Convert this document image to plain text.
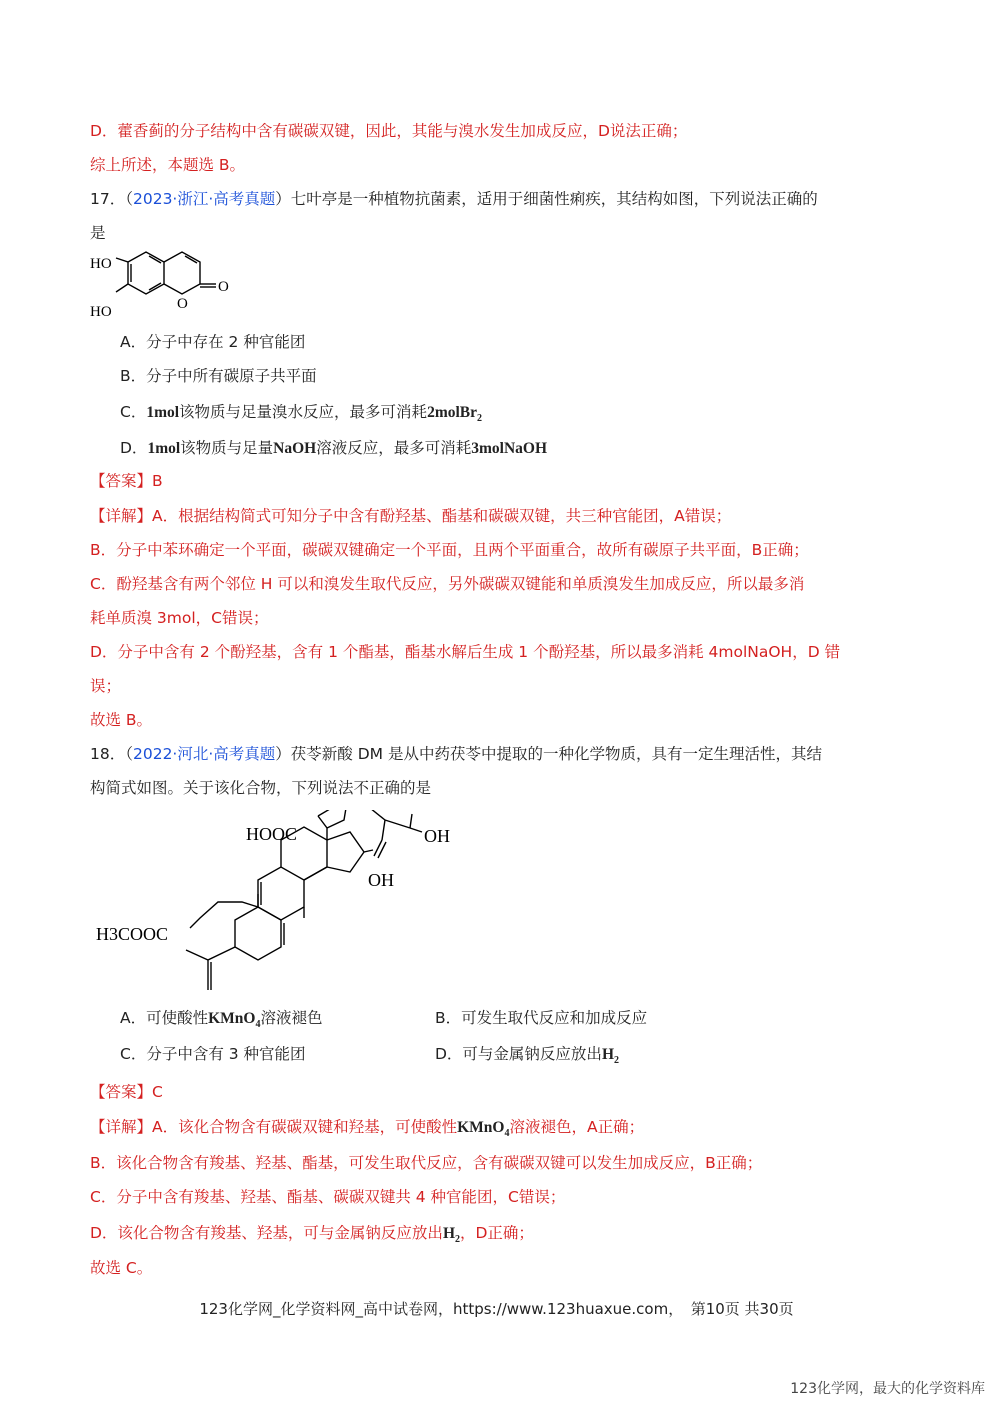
D．藿香蓟的分子结构中含有碳碳双键，因此，其能与溴水发生加成反应，D说法正确；
综上所述，本题选 B。
17．（2023·浙江·高考真题）七叶亭是一种植物抗菌素，适用于细菌性痢疾，其结构如图，下列说法正确的
是
HO
HO	O
O
A．分子中存在 2 种官能团
B．分子中所有碳原子共平面
C．1mol该物质与足量溴水反应，最多可消耗2molBr$_2$
D．1mol该物质与足量NaOH溶液反应，最多可消耗3molNaOH
【答案】B
【详解】A．根据结构简式可知分子中含有酚羟基、酯基和碳碳双键，共三种官能团，A错误；
B．分子中苯环确定一个平面，碳碳双键确定一个平面，且两个平面重合，故所有碳原子共平面，B正确；
C．酚羟基含有两个邻位 H 可以和溴发生取代反应，另外碳碳双键能和单质溴发生加成反应，所以最多消
耗单质溴 3mol，C错误；
D．分子中含有 2 个酚羟基，含有 1 个酯基，酯基水解后生成 1 个酚羟基，所以最多消耗 4molNaOH，D 错
误；
故选 B。
18．（2022·河北·高考真题）茯苓新酸 DM 是从中药茯苓中提取的一种化学物质，具有一定生理活性，其结
构简式如图。关于该化合物，下列说法不正确的是
HOOC	OH
OH
H3COOC
A．可使酸性KMnO$_4$溶液褪色	B．可发生取代反应和加成反应
C．分子中含有 3 种官能团	D．可与金属钠反应放出$H_2$
【答案】C
【详解】A．该化合物含有碳碳双键和羟基，可使酸性KMnO$_4$溶液褪色，A正确；
B．该化合物含有羧基、羟基、酯基，可发生取代反应，含有碳碳双键可以发生加成反应，B正确；
C．分子中含有羧基、羟基、酯基、碳碳双键共 4 种官能团，C错误；
D．该化合物含有羧基、羟基，可与金属钠反应放出$H_2$，D正确；
故选 C。
123化学网_化学资料网_高中试卷网，https://www.123huaxue.com，　第10页 共30页
123化学网，最大的化学资料库
